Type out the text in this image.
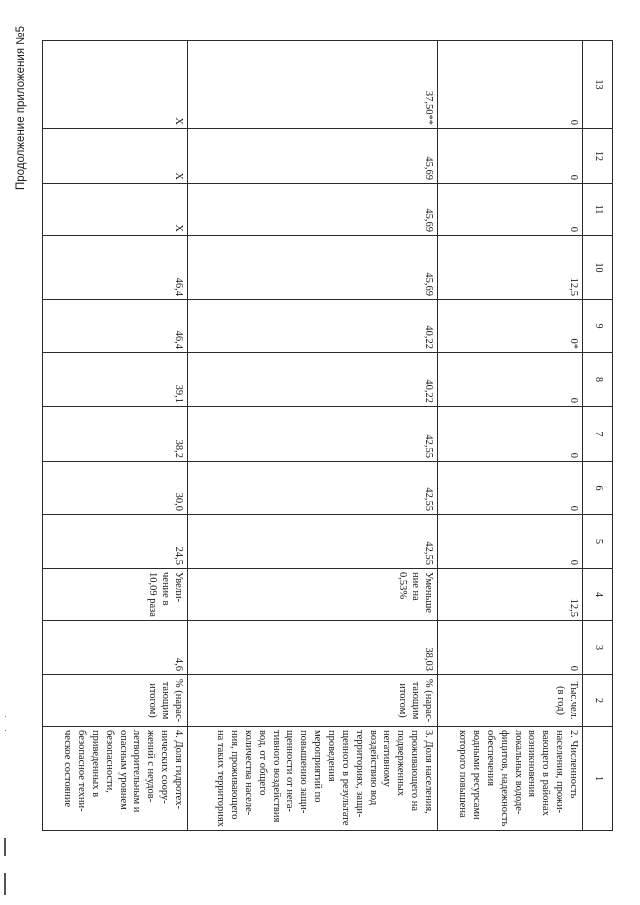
Продолжение приложения №5	13	12	11	10	9	8	7	6	5	4	3	2	1
0	0	0	12,5	0*	0	0	0	0	12,5	0	Тыс.чел. (в год)	2. Численность населения, прожи-вающего в районах возникновения локальных вододе-фицитов, надежность обеспечения водными ресурсами которого повышена
37,50**	45,69	45,69	45,69	40,22	40,22	42,55	42,55	42,55	Уменьше ние на 0,53%	38,03	% (нарас-тающим итогом)	3. Доля населения, проживающего на подверженных негативному воздействию вод территориях, защи-щенного в результате проведения мероприятий по повышению защи-щенности от нега-тивного воздействия вод, от общего количества населе-ния, проживающего на таких территориях
Х	Х	Х	46,4	46,4	39,1	38,2	30,0	24,5	Увели-чение в 10,09 раза	4,6	% (нарас-тающим итогом)	4. Доля гидротех-нических соору-жений с неудов-летворительным и опасным уровнем безопасности, приведенных в безопасное техни-ческое состояние
